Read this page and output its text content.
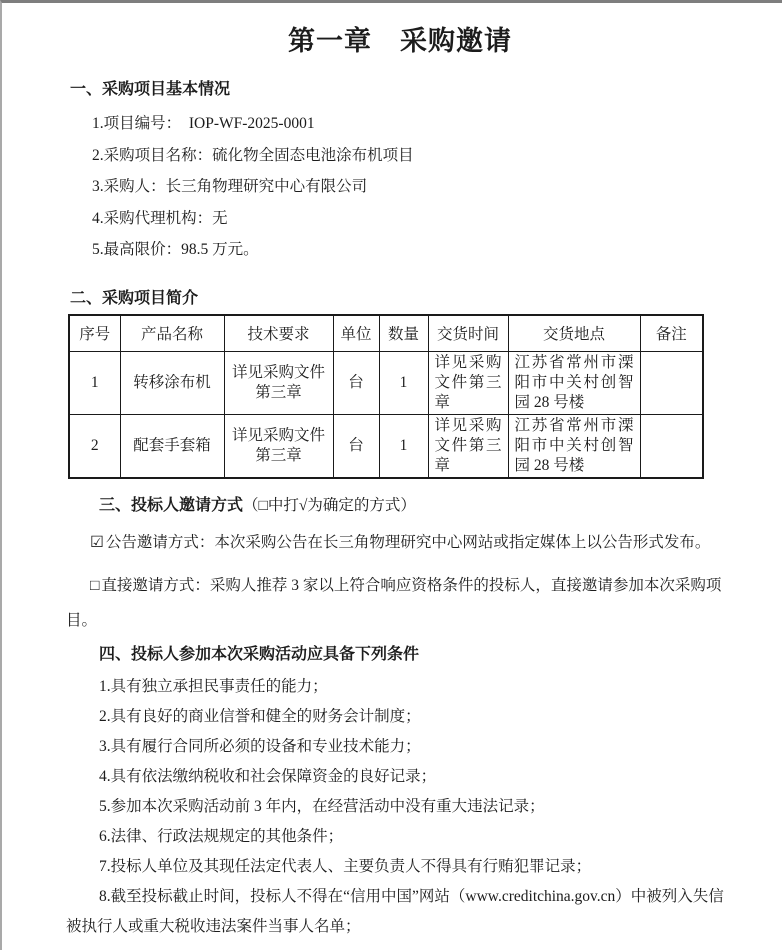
第一章　采购邀请
一、采购项目基本情况

1.项目编号：  IOP-WF-2025-0001

2.采购项目名称：硫化物全固态电池涂布机项目

3.采购人：长三角物理研究中心有限公司

4.采购代理机构：无

5.最高限价：98.5 万元。

二、采购项目简介
序号	产品名称	技术要求	单位	数量	交货时间	交货地点	备注
1	转移涂布机	详见采购文件第三章	台	1	详见采购文件第三章	江苏省常州市溧阳市中关村创智园 28 号楼	
2	配套手套箱	详见采购文件第三章	台	1	详见采购文件第三章	江苏省常州市溧阳市中关村创智园 28 号楼	
三、投标人邀请方式（□中打√为确定的方式）

☑ 公告邀请方式：本次采购公告在长三角物理研究中心网站或指定媒体上以公告形式发布。

□ 直接邀请方式：采购人推荐 3 家以上符合响应资格条件的投标人，直接邀请参加本次采购项目。

四、投标人参加本次采购活动应具备下列条件

1.具有独立承担民事责任的能力；

2.具有良好的商业信誉和健全的财务会计制度；

3.具有履行合同所必须的设备和专业技术能力；

4.具有依法缴纳税收和社会保障资金的良好记录；

5.参加本次采购活动前 3 年内，在经营活动中没有重大违法记录；

6.法律、行政法规规定的其他条件；

7.投标人单位及其现任法定代表人、主要负责人不得具有行贿犯罪记录；

8.截至投标截止时间，投标人不得在“信用中国”网站（www.creditchina.gov.cn）中被列入失信被执行人或重大税收违法案件当事人名单；
